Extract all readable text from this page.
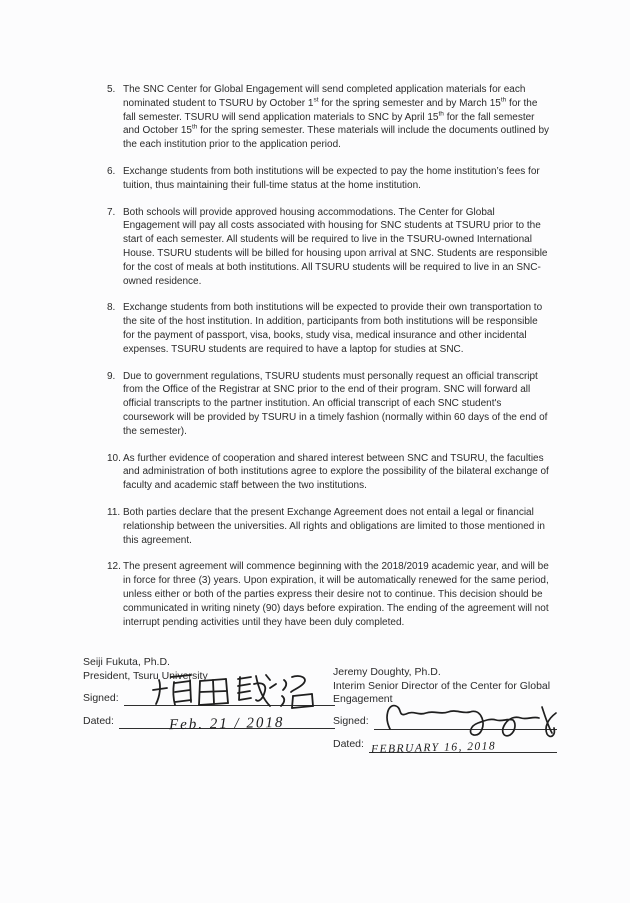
5. The SNC Center for Global Engagement will send completed application materials for each nominated student to TSURU by October 1st for the spring semester and by March 15th for the fall semester. TSURU will send application materials to SNC by April 15th for the fall semester and October 15th for the spring semester. These materials will include the documents outlined by the each institution prior to the application period.
6. Exchange students from both institutions will be expected to pay the home institution’s fees for tuition, thus maintaining their full-time status at the home institution.
7. Both schools will provide approved housing accommodations. The Center for Global Engagement will pay all costs associated with housing for SNC students at TSURU prior to the start of each semester. All students will be required to live in the TSURU-owned International House. TSURU students will be billed for housing upon arrival at SNC. Students are responsible for the cost of meals at both institutions. All TSURU students will be required to live in an SNC-owned residence.
8. Exchange students from both institutions will be expected to provide their own transportation to the site of the host institution. In addition, participants from both institutions will be responsible for the payment of passport, visa, books, study visa, medical insurance and other incidental expenses. TSURU students are required to have a laptop for studies at SNC.
9. Due to government regulations, TSURU students must personally request an official transcript from the Office of the Registrar at SNC prior to the end of their program. SNC will forward all official transcripts to the partner institution. An official transcript of each SNC student's coursework will be provided by TSURU in a timely fashion (normally within 60 days of the end of the semester).
10. As further evidence of cooperation and shared interest between SNC and TSURU, the faculties and administration of both institutions agree to explore the possibility of the bilateral exchange of faculty and academic staff between the two institutions.
11. Both parties declare that the present Exchange Agreement does not entail a legal or financial relationship between the universities. All rights and obligations are limited to those mentioned in this agreement.
12. The present agreement will commence beginning with the 2018/2019 academic year, and will be in force for three (3) years. Upon expiration, it will be automatically renewed for the same period, unless either or both of the parties express their desire not to continue. This decision should be communicated in writing ninety (90) days before expiration. The ending of the agreement will not interrupt pending activities until they have been duly completed.

Seiji Fukuta, Ph.D.

President, Tsuru University

Signed:
Dated:	Feb. 21 / 2018

Jeremy Doughty, Ph.D.

Interim Senior Director of the Center for Global Engagement

Signed:
Dated: FEBRUARY 16, 2018
